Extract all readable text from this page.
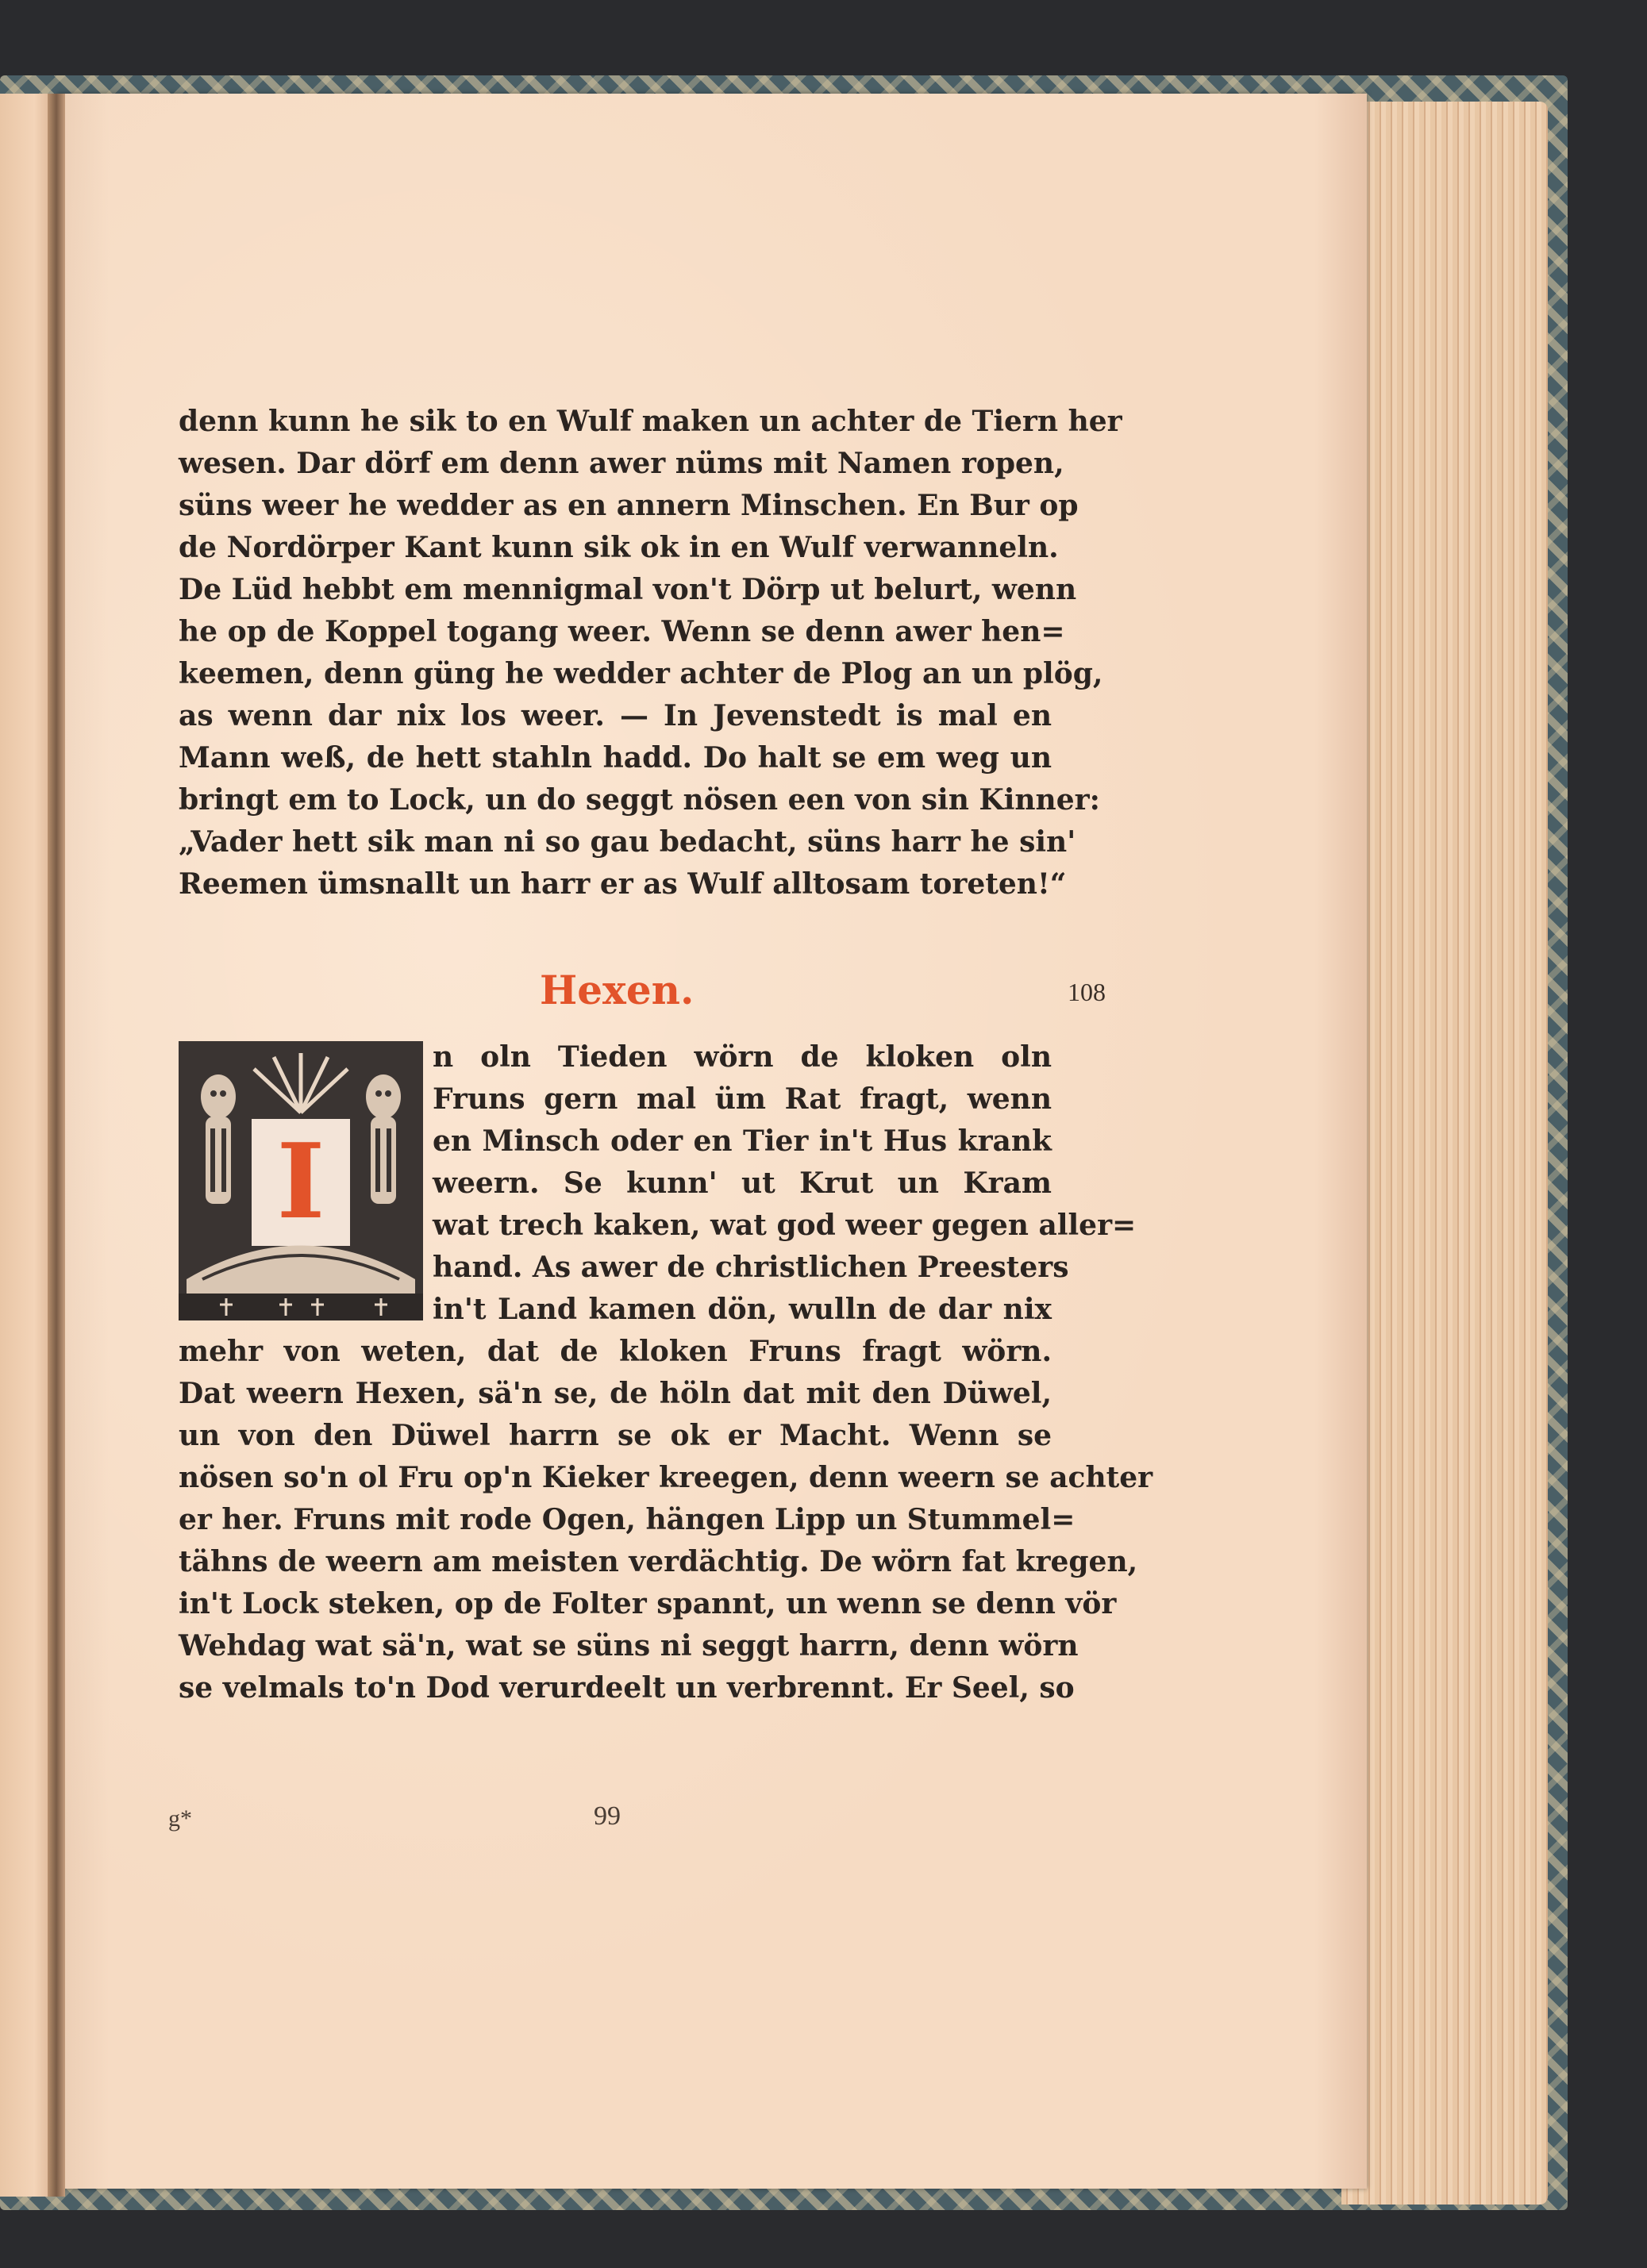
denn kunn he sik to en Wulf maken un achter de Tiern her
wesen. Dar dörf em denn awer nüms mit Namen ropen,
süns weer he wedder as en annern Minschen. En Bur op
de Nordörper Kant kunn sik ok in en Wulf verwanneln.
De Lüd hebbt em mennigmal von't Dörp ut belurt, wenn
he op de Koppel togang weer. Wenn se denn awer hen=
keemen, denn güng he wedder achter de Plog an un plög,
as wenn dar nix los weer. — In Jevenstedt is mal en
Mann weß, de hett stahln hadd. Do halt se em weg un
bringt em to Lock, un do seggt nösen een von sin Kinner:
„Vader hett sik man ni so gau bedacht, süns harr he sin'
Reemen ümsnallt un harr er as Wulf alltosam toreten!“
Hexen.	108
I
n oln Tieden wörn de kloken oln
Fruns gern mal üm Rat fragt, wenn
en Minsch oder en Tier in't Hus krank
weern. Se kunn' ut Krut un Kram
wat trech kaken, wat god weer gegen aller=
hand. As awer de christlichen Preesters
in't Land kamen dön, wulln de dar nix
mehr von weten, dat de kloken Fruns fragt wörn.
Dat weern Hexen, sä'n se, de höln dat mit den Düwel,
un von den Düwel harrn se ok er Macht. Wenn se
nösen so'n ol Fru op'n Kieker kreegen, denn weern se achter
er her. Fruns mit rode Ogen, hängen Lipp un Stummel=
tähns de weern am meisten verdächtig. De wörn fat kregen,
in't Lock steken, op de Folter spannt, un wenn se denn vör
Wehdag wat sä'n, wat se süns ni seggt harrn, denn wörn
se velmals to'n Dod verurdeelt un verbrennt. Er Seel, so
g*	99
